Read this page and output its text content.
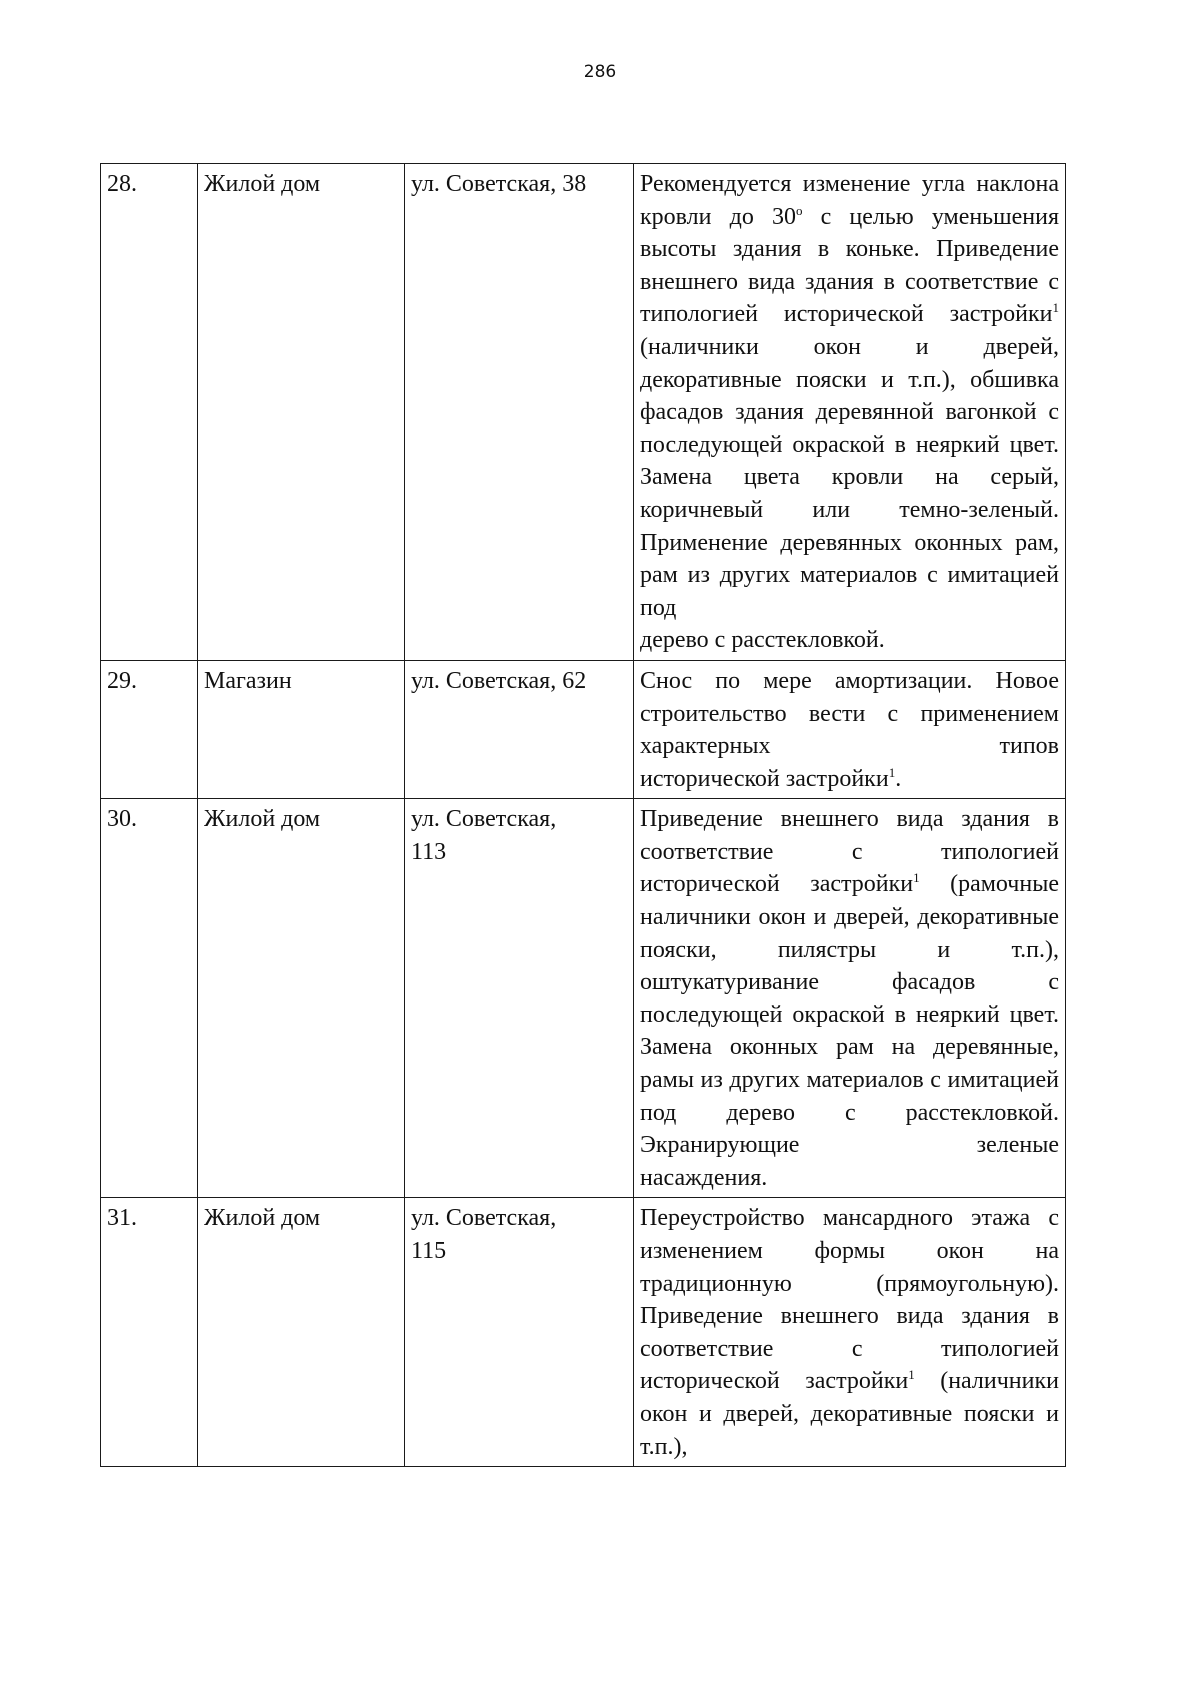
286
28.	Жилой дом	ул. Советская, 38	Рекомендуется изменение угла наклона кровли до $30^о$ с целью уменьшения высоты здания в коньке. Приведение внешнего вида здания в соответствие с типологией исторической застройки$^1$ (наличники окон и дверей, декоративные пояски и т.п.), обшивка фасадов здания деревянной вагонкой с последующей окраской в неяркий цвет. Замена цвета кровли на серый, коричневый или темно-зеленый. Применение деревянных оконных рам, рам из других материалов с имитацией под
дерево с расстекловкой.

29.	Магазин	ул. Советская, 62	Снос по мере амортизации. Новое строительство вести с применением характерных типов
исторической застройки$^1$.

30.	Жилой дом	ул. Советская,
113	Приведение внешнего вида здания в соответствие с типологией исторической застройки$^1$ (рамочные наличники окон и дверей, декоративные пояски, пилястры и т.п.), оштукатуривание фасадов с последующей окраской в неяркий цвет. Замена оконных рам на деревянные, рамы из других материалов с имитацией под дерево с расстекловкой. Экранирующие зеленые
насаждения.

31.	Жилой дом	ул. Советская,
115	Переустройство мансардного этажа с изменением формы окон на традиционную (прямоугольную). Приведение внешнего вида здания в соответствие с типологией исторической застройки$^1$ (наличники окон и дверей, декоративные пояски и т.п.),
